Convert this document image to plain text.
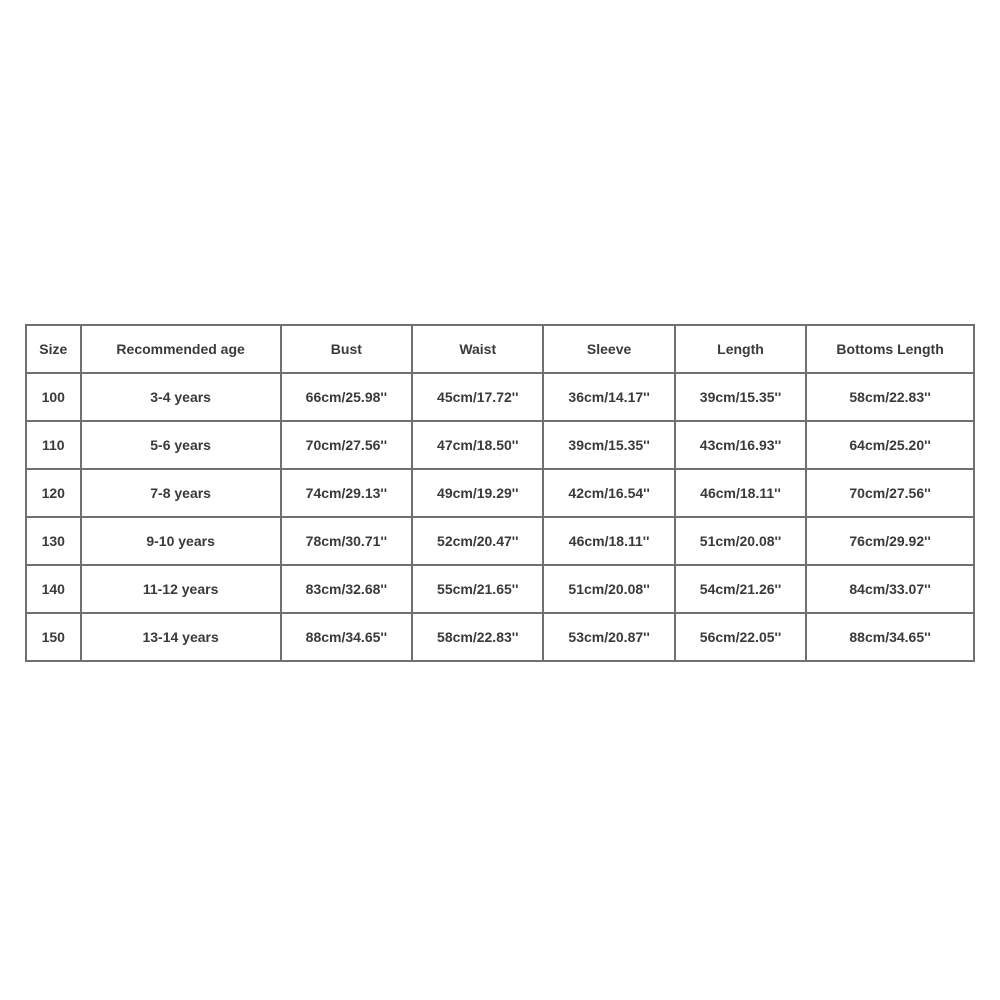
Size	Recommended age	Bust	Waist	Sleeve	Length	Bottoms Length
100	3-4 years	66cm/25.98''	45cm/17.72''	36cm/14.17''	39cm/15.35''	58cm/22.83''
110	5-6 years	70cm/27.56''	47cm/18.50''	39cm/15.35''	43cm/16.93''	64cm/25.20''
120	7-8 years	74cm/29.13''	49cm/19.29''	42cm/16.54''	46cm/18.11''	70cm/27.56''
130	9-10 years	78cm/30.71''	52cm/20.47''	46cm/18.11''	51cm/20.08''	76cm/29.92''
140	11-12 years	83cm/32.68''	55cm/21.65''	51cm/20.08''	54cm/21.26''	84cm/33.07''
150	13-14 years	88cm/34.65''	58cm/22.83''	53cm/20.87''	56cm/22.05''	88cm/34.65''
